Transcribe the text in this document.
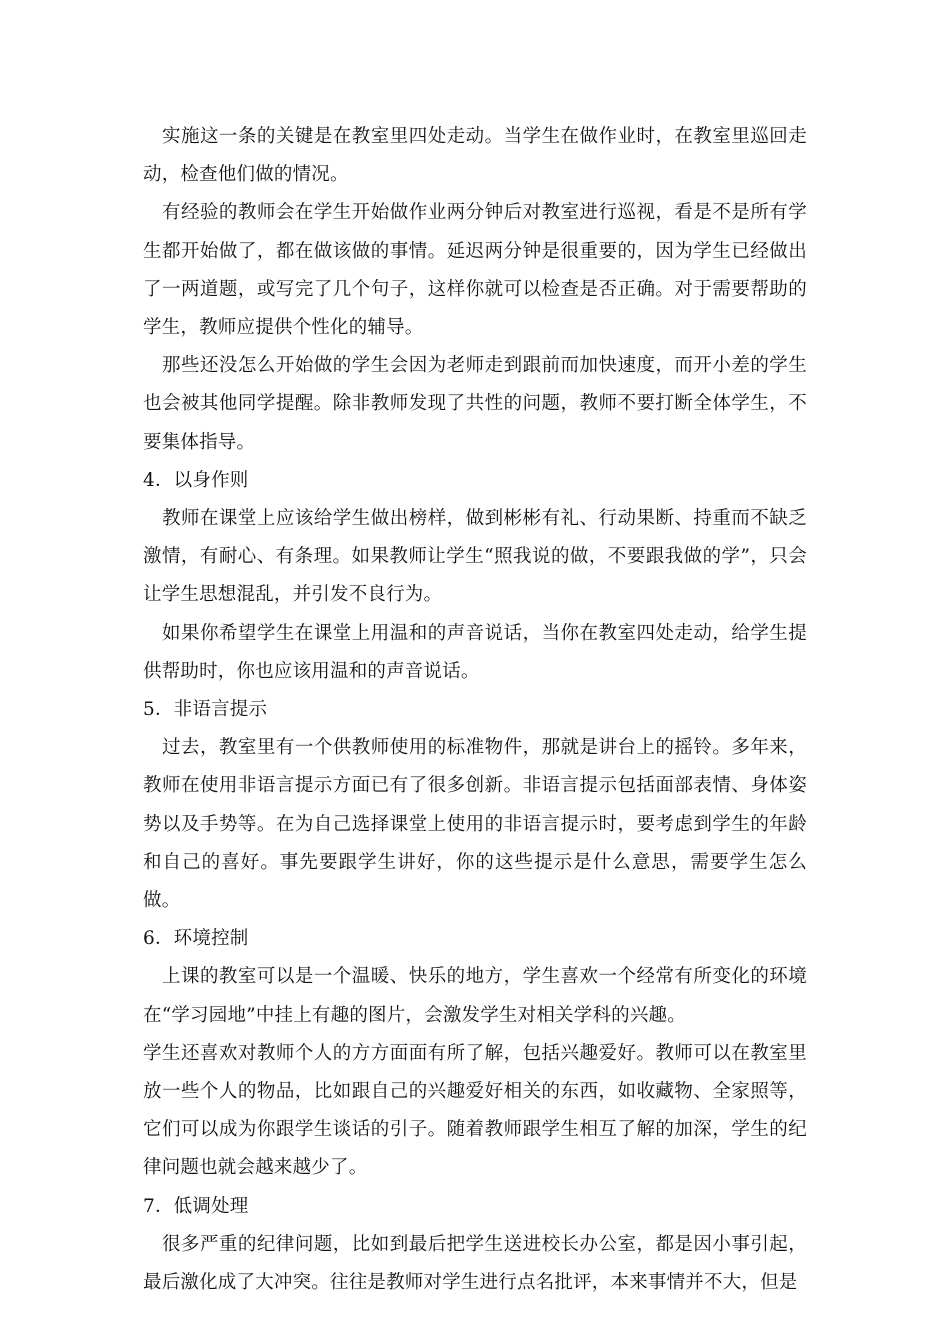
实施这一条的关键是在教室里四处走动。当学生在做作业时，在教室里巡回走动，检查他们做的情况。

有经验的教师会在学生开始做作业两分钟后对教室进行巡视，看是不是所有学生都开始做了，都在做该做的事情。延迟两分钟是很重要的，因为学生已经做出了一两道题，或写完了几个句子，这样你就可以检查是否正确。对于需要帮助的学生，教师应提供个性化的辅导。

那些还没怎么开始做的学生会因为老师走到跟前而加快速度，而开小差的学生也会被其他同学提醒。除非教师发现了共性的问题，教师不要打断全体学生，不要集体指导。

4．以身作则

教师在课堂上应该给学生做出榜样，做到彬彬有礼、行动果断、持重而不缺乏激情，有耐心、有条理。如果教师让学生“照我说的做，不要跟我做的学”，只会让学生思想混乱，并引发不良行为。

如果你希望学生在课堂上用温和的声音说话，当你在教室四处走动，给学生提供帮助时，你也应该用温和的声音说话。

5．非语言提示

过去，教室里有一个供教师使用的标准物件，那就是讲台上的摇铃。多年来，教师在使用非语言提示方面已有了很多创新。非语言提示包括面部表情、身体姿势以及手势等。在为自己选择课堂上使用的非语言提示时，要考虑到学生的年龄和自己的喜好。事先要跟学生讲好，你的这些提示是什么意思，需要学生怎么做。

6．环境控制

上课的教室可以是一个温暖、快乐的地方，学生喜欢一个经常有所变化的环境在“学习园地”中挂上有趣的图片，会激发学生对相关学科的兴趣。

学生还喜欢对教师个人的方方面面有所了解，包括兴趣爱好。教师可以在教室里放一些个人的物品，比如跟自己的兴趣爱好相关的东西，如收藏物、全家照等，它们可以成为你跟学生谈话的引子。随着教师跟学生相互了解的加深，学生的纪律问题也就会越来越少了。

7．低调处理

很多严重的纪律问题，比如到最后把学生送进校长办公室，都是因小事引起，最后激化成了大冲突。往往是教师对学生进行点名批评，本来事情并不大，但是
